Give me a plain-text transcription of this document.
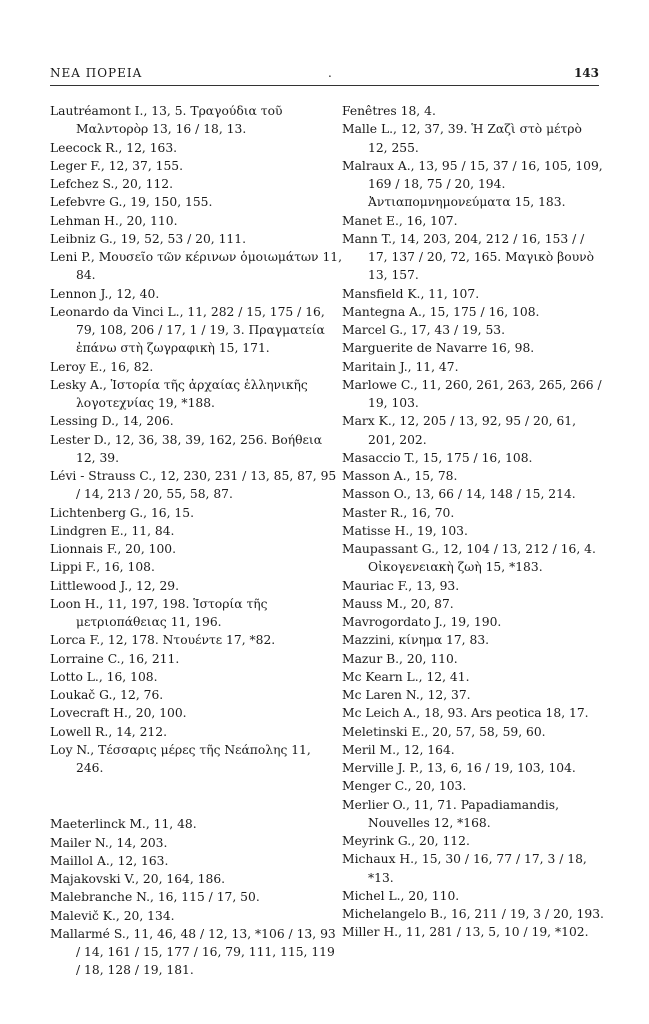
ΝΕΑ ΠΟΡΕΙΑ	.	143
Lautréamont I., 13, 5. Τραγούδια τοῦ Μαλντορὸρ 13, 16 / 18, 13.
Leecock R., 12, 163.
Leger F., 12, 37, 155.
Lefchez S., 20, 112.
Lefebvre G., 19, 150, 155.
Lehman H., 20, 110.
Leibniz G., 19, 52, 53 / 20, 111.
Leni P., Μουσεῖο τῶν κέρινων ὁμοιωμάτων 11, 84.
Lennon J., 12, 40.
Leonardo da Vinci L., 11, 282 / 15, 175 / 16, 79, 108, 206 / 17, 1 / 19, 3. Πραγματεία ἐπάνω στὴ ζωγραφικὴ 15, 171.
Leroy E., 16, 82.
Lesky A., Ἱστορία τῆς ἀρχαίας ἑλληνικῆς λογοτεχνίας 19, *188.
Lessing D., 14, 206.
Lester D., 12, 36, 38, 39, 162, 256. Βοήθεια 12, 39.
Lévi - Strauss C., 12, 230, 231 / 13, 85, 87, 95 / 14, 213 / 20, 55, 58, 87.
Lichtenberg G., 16, 15.
Lindgren E., 11, 84.
Lionnais F., 20, 100.
Lippi F., 16, 108.
Littlewood J., 12, 29.
Loon H., 11, 197, 198. Ἱστορία τῆς μετριοπάθειας 11, 196.
Lorca F., 12, 178. Ντουέντε 17, *82.
Lorraine C., 16, 211.
Lotto L., 16, 108.
Loukač G., 12, 76.
Lovecraft H., 20, 100.
Lowell R., 14, 212.
Loy N., Τέσσαρις μέρες τῆς Νεάπολης 11, 246.
Maeterlinck M., 11, 48.
Mailer N., 14, 203.
Maillol A., 12, 163.
Majakovski V., 20, 164, 186.
Malebranche N., 16, 115 / 17, 50.
Malevič K., 20, 134.
Mallarmé S., 11, 46, 48 / 12, 13, *106 / 13, 93 / 14, 161 / 15, 177 / 16, 79, 111, 115, 119 / 18, 128 / 19, 181.
Fenêtres 18, 4.
Malle L., 12, 37, 39. Ἡ Ζαζὶ στὸ μέτρὸ 12, 255.
Malraux A., 13, 95 / 15, 37 / 16, 105, 109, 169 / 18, 75 / 20, 194. Ἀντιαπομνημονεύματα 15, 183.
Manet E., 16, 107.
Mann T., 14, 203, 204, 212 / 16, 153 / / 17, 137 / 20, 72, 165. Μαγικὸ βουνὸ 13, 157.
Mansfield K., 11, 107.
Mantegna A., 15, 175 / 16, 108.
Marcel G., 17, 43 / 19, 53.
Marguerite de Navarre 16, 98.
Maritain J., 11, 47.
Marlowe C., 11, 260, 261, 263, 265, 266 / 19, 103.
Marx K., 12, 205 / 13, 92, 95 / 20, 61, 201, 202.
Masaccio T., 15, 175 / 16, 108.
Masson A., 15, 78.
Masson O., 13, 66 / 14, 148 / 15, 214.
Master R., 16, 70.
Matisse H., 19, 103.
Maupassant G., 12, 104 / 13, 212 / 16, 4. Οἰκογενειακὴ ζωὴ 15, *183.
Mauriac F., 13, 93.
Mauss M., 20, 87.
Mavrogordato J., 19, 190.
Mazzini, κίνημα 17, 83.
Mazur B., 20, 110.
Mc Kearn L., 12, 41.
Mc Laren N., 12, 37.
Mc Leich A., 18, 93. Ars peotica 18, 17.
Meletinski E., 20, 57, 58, 59, 60.
Meril M., 12, 164.
Merville J. P., 13, 6, 16 / 19, 103, 104.
Menger C., 20, 103.
Merlier O., 11, 71. Papadiamandis, Nouvelles 12, *168.
Meyrink G., 20, 112.
Michaux H., 15, 30 / 16, 77 / 17, 3 / 18, *13.
Michel L., 20, 110.
Michelangelo B., 16, 211 / 19, 3 / 20, 193.
Miller H., 11, 281 / 13, 5, 10 / 19, *102.
